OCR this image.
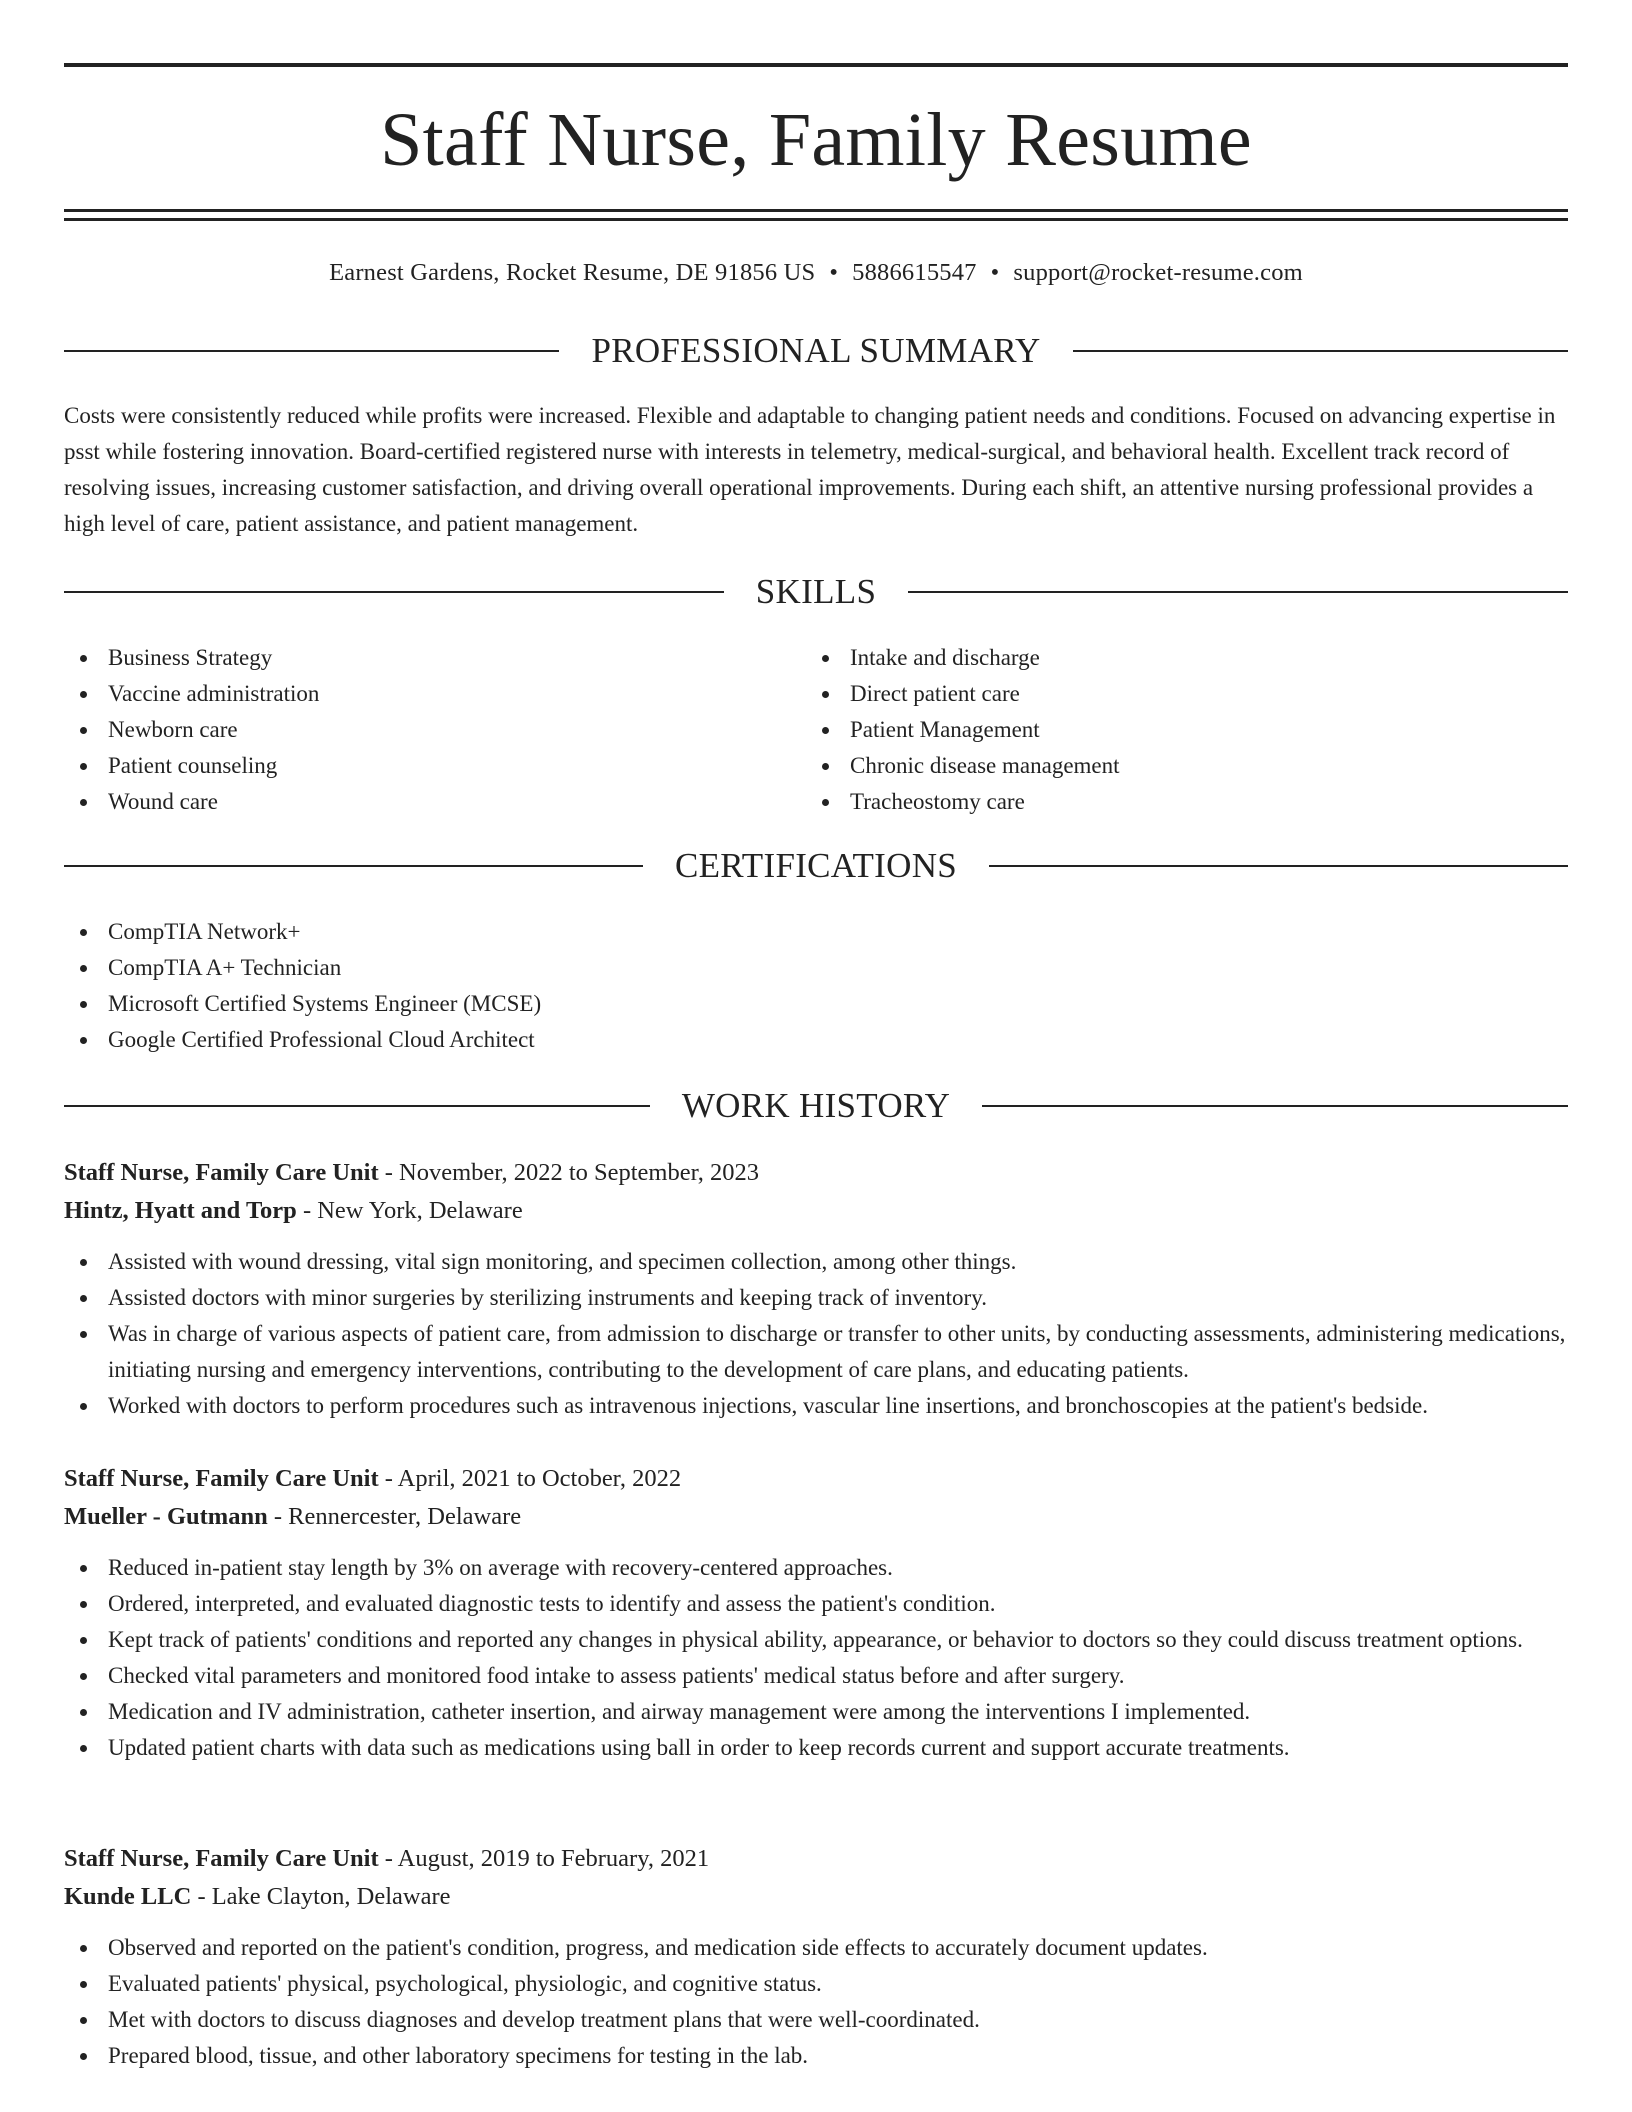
Staff Nurse, Family Resume
Earnest Gardens, Rocket Resume, DE 91856 US • 5886615547 • support@rocket-resume.com
PROFESSIONAL SUMMARY
Costs were consistently reduced while profits were increased. Flexible and adaptable to changing patient needs and conditions. Focused on advancing expertise in psst while fostering innovation. Board-certified registered nurse with interests in telemetry, medical-surgical, and behavioral health. Excellent track record of resolving issues, increasing customer satisfaction, and driving overall operational improvements. During each shift, an attentive nursing professional provides a high level of care, patient assistance, and patient management.
SKILLS
Business Strategy
Vaccine administration
Newborn care
Patient counseling
Wound care
Intake and discharge
Direct patient care
Patient Management
Chronic disease management
Tracheostomy care
CERTIFICATIONS
CompTIA Network+
CompTIA A+ Technician
Microsoft Certified Systems Engineer (MCSE)
Google Certified Professional Cloud Architect
WORK HISTORY
Staff Nurse, Family Care Unit - November, 2022 to September, 2023
Hintz, Hyatt and Torp - New York, Delaware
Assisted with wound dressing, vital sign monitoring, and specimen collection, among other things.
Assisted doctors with minor surgeries by sterilizing instruments and keeping track of inventory.
Was in charge of various aspects of patient care, from admission to discharge or transfer to other units, by conducting assessments, administering medications, initiating nursing and emergency interventions, contributing to the development of care plans, and educating patients.
Worked with doctors to perform procedures such as intravenous injections, vascular line insertions, and bronchoscopies at the patient's bedside.
Staff Nurse, Family Care Unit - April, 2021 to October, 2022
Mueller - Gutmann - Rennercester, Delaware
Reduced in-patient stay length by 3% on average with recovery-centered approaches.
Ordered, interpreted, and evaluated diagnostic tests to identify and assess the patient's condition.
Kept track of patients' conditions and reported any changes in physical ability, appearance, or behavior to doctors so they could discuss treatment options.
Checked vital parameters and monitored food intake to assess patients' medical status before and after surgery.
Medication and IV administration, catheter insertion, and airway management were among the interventions I implemented.
Updated patient charts with data such as medications using ball in order to keep records current and support accurate treatments.
Staff Nurse, Family Care Unit - August, 2019 to February, 2021
Kunde LLC - Lake Clayton, Delaware
Observed and reported on the patient's condition, progress, and medication side effects to accurately document updates.
Evaluated patients' physical, psychological, physiologic, and cognitive status.
Met with doctors to discuss diagnoses and develop treatment plans that were well-coordinated.
Prepared blood, tissue, and other laboratory specimens for testing in the lab.
